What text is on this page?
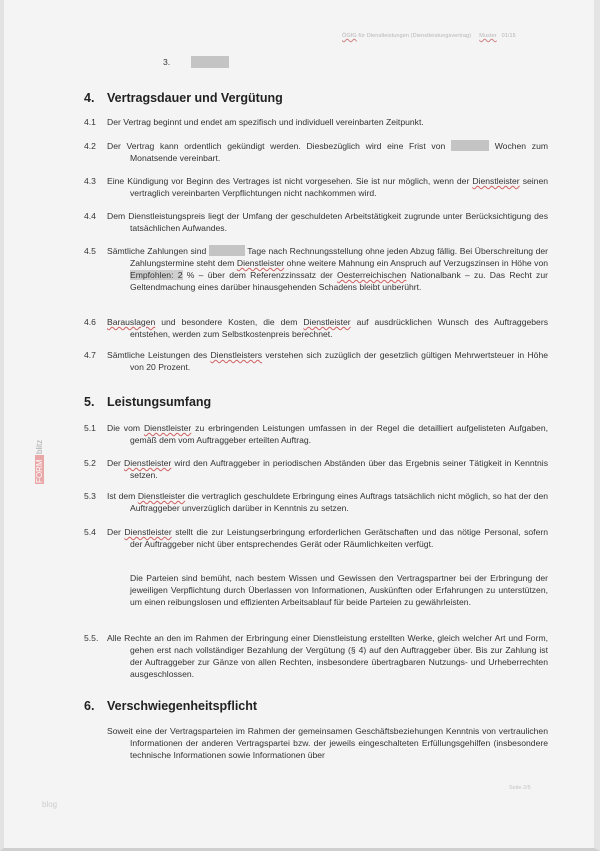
ÖGfG für Dienstleistungen (Dienstleistungsvertrag) Muster 01/15
3.
4. Vertragsdauer und Vergütung
4.1 Der Vertrag beginnt und endet am spezifisch und individuell vereinbarten Zeitpunkt.
4.2 Der Vertrag kann ordentlich gekündigt werden. Diesbezüglich wird eine Frist von	Wochen zum Monatsende vereinbart.
4.3 Eine Kündigung vor Beginn des Vertrages ist nicht vorgesehen. Sie ist nur möglich, wenn der Dienstleister seinen vertraglich vereinbarten Verpflichtungen nicht nachkommen wird.
4.4 Dem Dienstleistungspreis liegt der Umfang der geschuldeten Arbeitstätigkeit zugrunde unter Berücksichtigung des tatsächlichen Aufwandes.
4.5 Sämtliche Zahlungen sind	Tage nach Rechnungsstellung ohne jeden Abzug fällig. Bei Überschreitung der Zahlungstermine steht dem Dienstleister ohne weitere Mahnung ein Anspruch auf Verzugszinsen in Höhe von Empfohlen: 2 % – über dem Referenzzinssatz der Oesterreichischen Nationalbank – zu. Das Recht zur Geltendmachung eines darüber hinausgehenden Schadens bleibt unberührt.
4.6 Barauslagen und besondere Kosten, die dem Dienstleister auf ausdrücklichen Wunsch des Auftraggebers entstehen, werden zum Selbstkostenpreis berechnet.
4.7 Sämtliche Leistungen des Dienstleisters verstehen sich zuzüglich der gesetzlich gültigen Mehrwertsteuer in Höhe von 20 Prozent.
5. Leistungsumfang
5.1 Die vom Dienstleister zu erbringenden Leistungen umfassen in der Regel die detailliert aufgelisteten Aufgaben, gemäß dem vom Auftraggeber erteilten Auftrag.
5.2 Der Dienstleister wird den Auftraggeber in periodischen Abständen über das Ergebnis seiner Tätigkeit in Kenntnis setzen.
5.3 Ist dem Dienstleister die vertraglich geschuldete Erbringung eines Auftrags tatsächlich nicht möglich, so hat der den Auftraggeber unverzüglich darüber in Kenntnis zu setzen.
5.4 Der Dienstleister stellt die zur Leistungserbringung erforderlichen Gerätschaften und das nötige Personal, sofern der Auftraggeber nicht über entsprechendes Gerät oder Räumlichkeiten verfügt.
Die Parteien sind bemüht, nach bestem Wissen und Gewissen den Vertragspartner bei der Erbringung der jeweiligen Verpflichtung durch Überlassen von Informationen, Auskünften oder Erfahrungen zu unterstützen, um einen reibungslosen und effizienten Arbeitsablauf für beide Parteien zu gewährleisten.
5.5. Alle Rechte an den im Rahmen der Erbringung einer Dienstleistung erstellten Werke, gleich welcher Art und Form, gehen erst nach vollständiger Bezahlung der Vergütung (§ 4) auf den Auftraggeber über. Bis zur Zahlung ist der Auftraggeber zur Gänze von allen Rechten, insbesondere übertragbaren Nutzungs- und Urheberrechten ausgeschlossen.
6. Verschwiegenheitspflicht
Soweit eine der Vertragsparteien im Rahmen der gemeinsamen Geschäftsbeziehungen Kenntnis von vertraulichen Informationen der anderen Vertragspartei bzw. der jeweils eingeschalteten Erfüllungsgehilfen (insbesondere technische Informationen sowie Informationen über
FORM
blitz
blog
Seite 2/5
